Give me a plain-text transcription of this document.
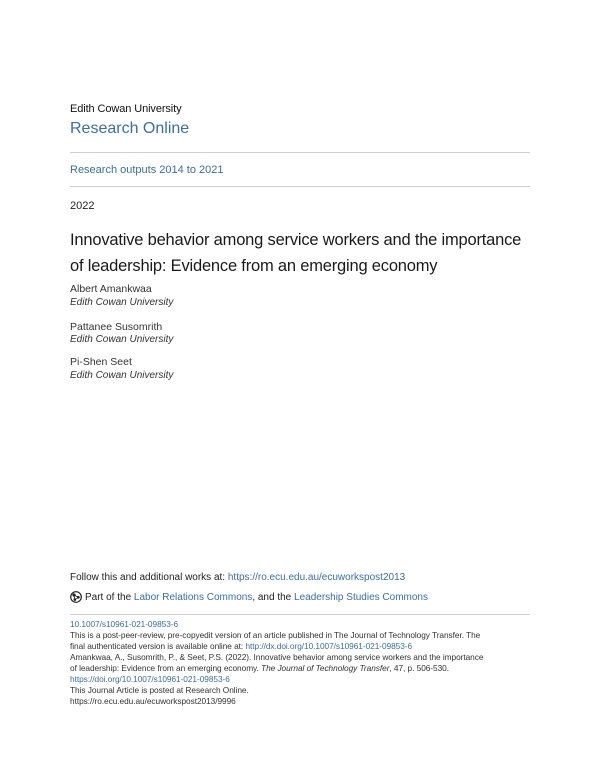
Edith Cowan University
Research Online
Research outputs 2014 to 2021
2022
Innovative behavior among service workers and the importance of leadership: Evidence from an emerging economy
Albert Amankwaa
Edith Cowan University
Pattanee Susomrith
Edith Cowan University
Pi-Shen Seet
Edith Cowan University
Follow this and additional works at: https://ro.ecu.edu.au/ecuworkspost2013
Part of the Labor Relations Commons, and the Leadership Studies Commons
10.1007/s10961-021-09853-6
This is a post-peer-review, pre-copyedit version of an article published in The Journal of Technology Transfer. The
final authenticated version is available online at: http://dx.doi.org/10.1007/s10961-021-09853-6
Amankwaa, A., Susomrith, P., & Seet, P.S. (2022). Innovative behavior among service workers and the importance
of leadership: Evidence from an emerging economy. The Journal of Technology Transfer, 47, p. 506-530.
https://doi.org/10.1007/s10961-021-09853-6
This Journal Article is posted at Research Online.
https://ro.ecu.edu.au/ecuworkspost2013/9996
